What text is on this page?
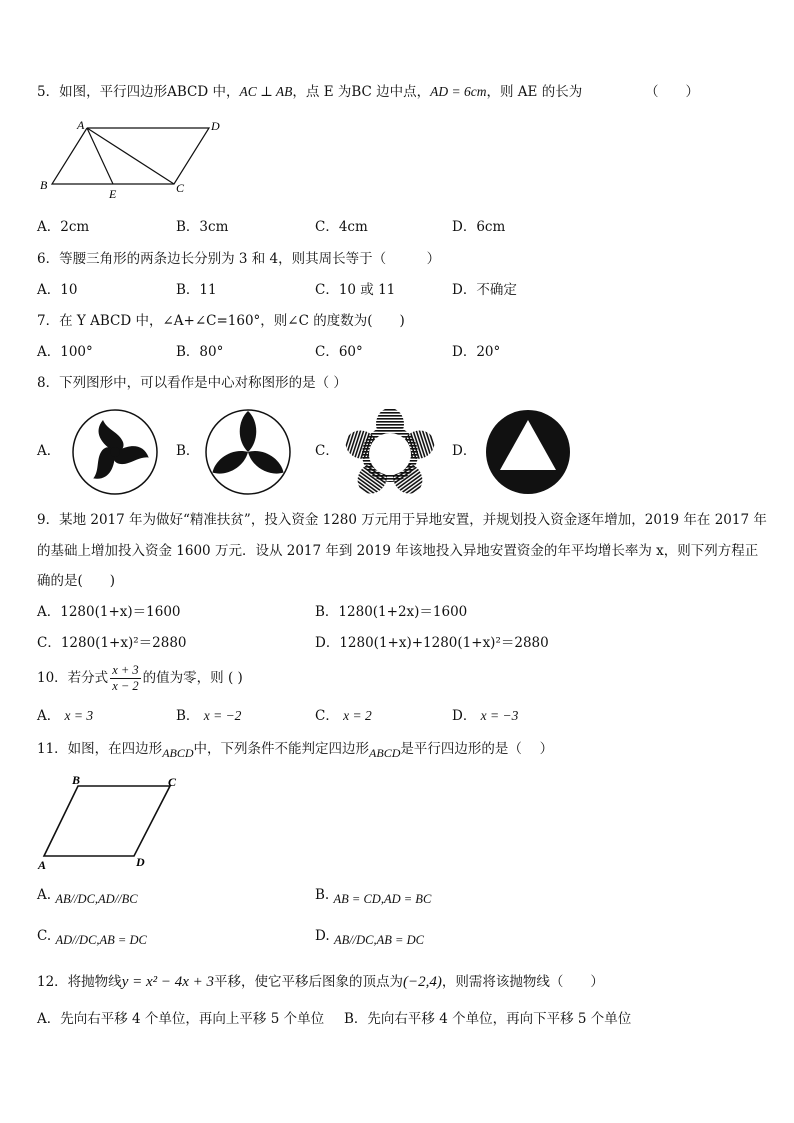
5．如图，平行四边形ABCD 中，AC ⊥ AB，点 E 为BC 边中点，AD = 6cm，则 AE 的长为	（　　）
A	D
B	C
E
A．2cm	B．3cm	C．4cm	D．6cm
6．等腰三角形的两条边长分别为 3 和 4，则其周长等于（　　　）
A．10	B．11	C．10 或 11	D．不确定
7．在 Y ABCD 中，∠A+∠C=160°，则∠C 的度数为(　　)
A．100°	B．80°	C．60°	D．20°
8．下列图形中，可以看作是中心对称图形的是（ ）
A．	B．	C．	D．
9．某地 2017 年为做好“精准扶贫”，投入资金 1280 万元用于异地安置，并规划投入资金逐年增加，2019 年在 2017 年
的基础上增加投入资金 1600 万元．设从 2017 年到 2019 年该地投入异地安置资金的年平均增长率为 x，则下列方程正
确的是(　　)
A．1280(1+x)＝1600	B．1280(1+2x)＝1600
C．1280(1+x)²＝2880	D．1280(1+x)+1280(1+x)²＝2880
10．若分式 $\frac{x + 3}{x - 2}$ 的值为零，则 ( )
A． x = 3	B． x = −2	C． x = 2	D． x = −3
11．如图，在四边形ABCD中，下列条件不能判定四边形ABCD是平行四边形的是（　 ）
B	C
A	D
A. AB//DC,AD//BC	B. AB = CD,AD = BC
C. AD//DC,AB = DC	D. AB//DC,AB = DC
12．将抛物线y = x² − 4x + 3平移，使它平移后图象的顶点为(−2,4)，则需将该抛物线（　　）
A．先向右平移 4 个单位，再向上平移 5 个单位 B．先向右平移 4 个单位，再向下平移 5 个单位
